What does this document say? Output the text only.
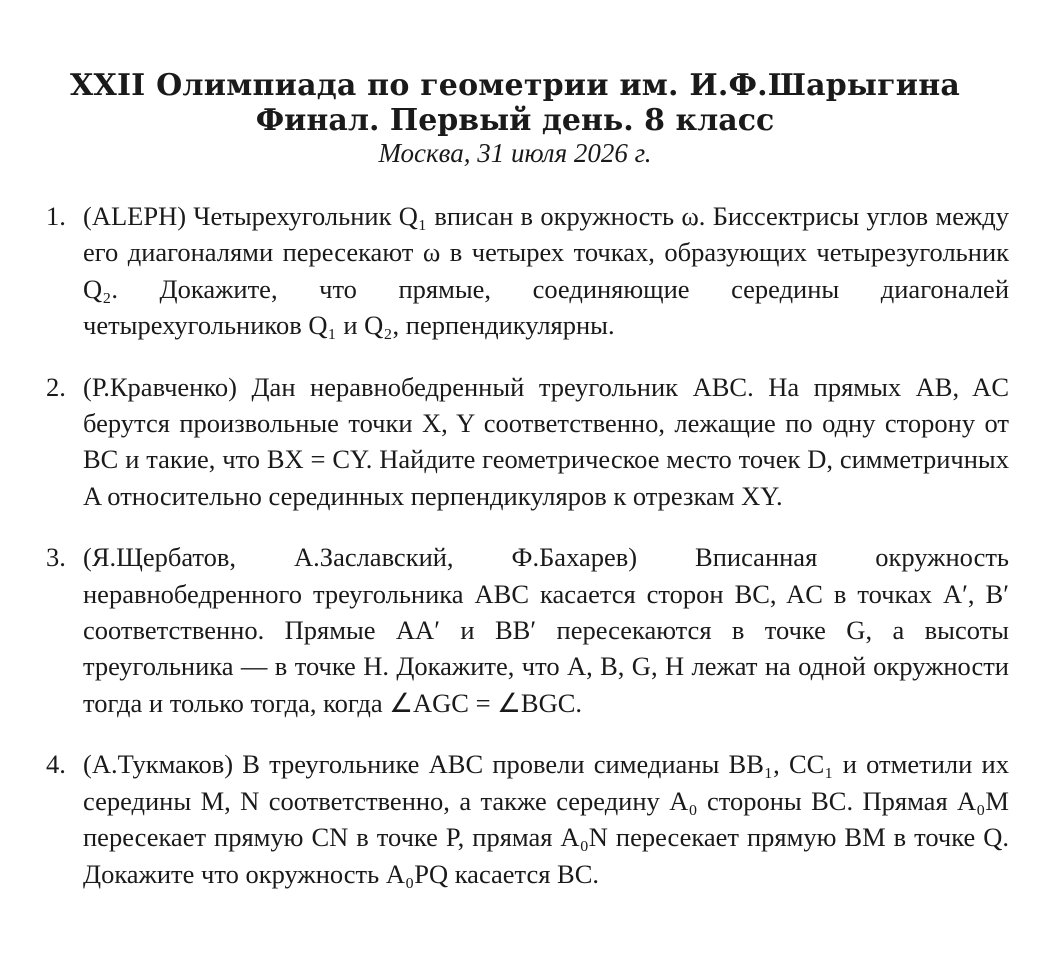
XXII Олимпиада по геометрии им. И.Ф.Шарыгина

Финал. Первый день. 8 класс

Москва, 31 июля 2026 г.

1. (ALEPH) Четырехугольник Q₁ вписан в окружность ω. Биссектрисы углов между его диагоналями пересекают ω в четырех точках, образующих четырезугольник Q₂. Докажите, что прямые, соединяющие середины диагоналей четырехугольников Q₁ и Q₂, перпендикулярны.
2. (Р.Кравченко) Дан неравнобедренный треугольник ABC. На прямых AB, AC берутся произвольные точки X, Y соответственно, лежащие по одну сторону от BC и такие, что BX = CY. Найдите геометрическое место точек D, симметричных A относительно серединных перпендикуляров к отрезкам XY.
3. (Я.Щербатов, А.Заславский, Ф.Бахарев) Вписанная окружность неравнобедренного треугольника ABC касается сторон BC, AC в точках A′, B′ соответственно. Прямые AA′ и BB′ пересекаются в точке G, а высоты треугольника — в точке H. Докажите, что A, B, G, H лежат на одной окружности тогда и только тогда, когда ∠AGC = ∠BGC.
4. (А.Тукмаков) В треугольнике ABC провели симедианы BB₁, CC₁ и отметили их середины M, N соответственно, а также середину A₀ стороны BC. Прямая A₀M пересекает прямую CN в точке P, прямая A₀N пересекает прямую BM в точке Q. Докажите что окружность A₀PQ касается BC.
